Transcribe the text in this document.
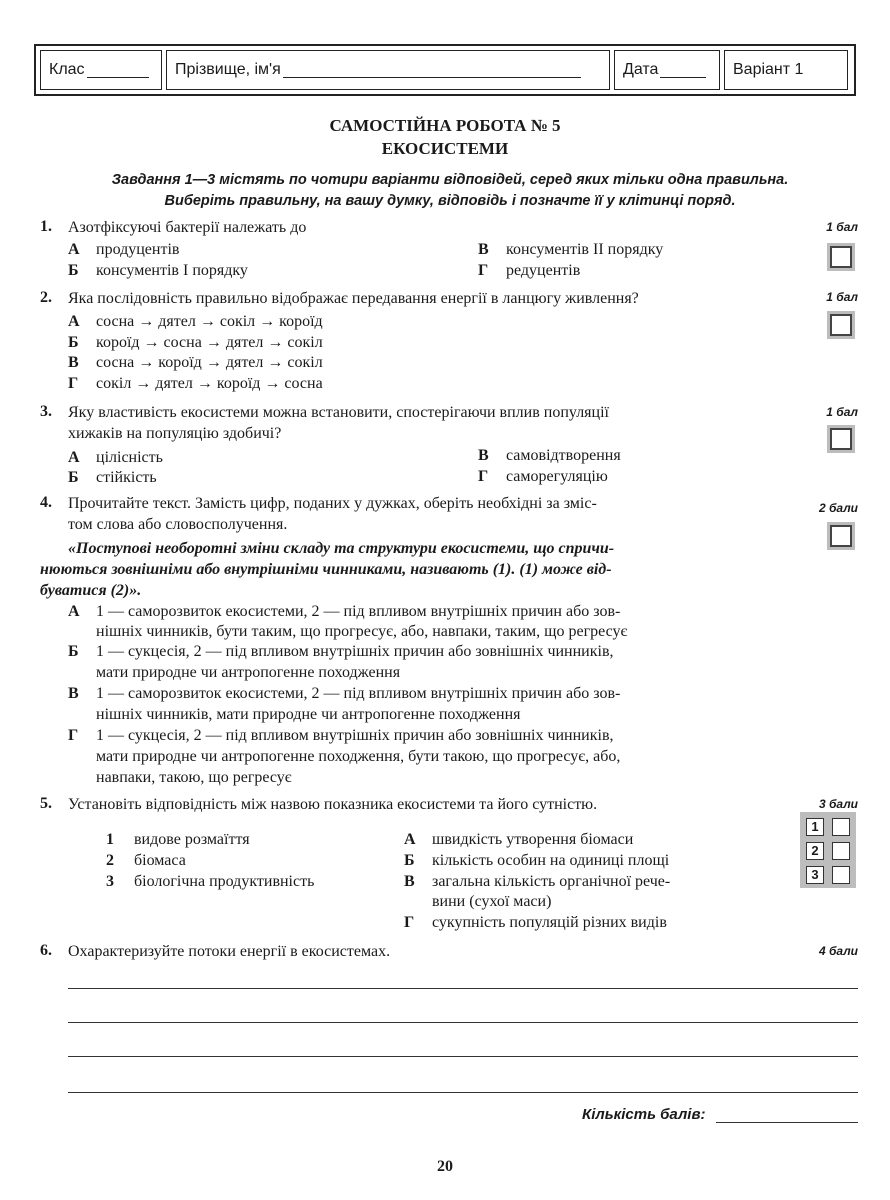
Клас	Прізвище, ім'я	Дата	Варіант 1
САМОСТІЙНА РОБОТА № 5
ЕКОСИСТЕМИ
Завдання 1—3 містять по чотири варіанти відповідей, серед яких тільки одна правильна.
Виберіть правильну, на вашу думку, відповідь і позначте її у клітинці поряд.
1. Азотфіксуючі бактерії належать до	1 бал
А продуцентів
Б консументів І порядку
В консументів ІІ порядку
Г редуцентів
2. Яка послідовність правильно відображає передавання енергії в ланцюгу живлення?	1 бал
А сосна → дятел → сокіл → короїд
Б короїд → сосна → дятел → сокіл
В сосна → короїд → дятел → сокіл
Г сокіл → дятел → короїд → сосна
3. Яку властивість екосистеми можна встановити, спостерігаючи вплив популяції
хижаків на популяцію здобичі?
1 бал
А цілісність
Б стійкість
В самовідтворення
Г саморегуляцію
4. Прочитайте текст. Замість цифр, поданих у дужках, оберіть необхідні за зміс-
том слова або словосполучення.
2 бали
«Поступові необоротні зміни складу та структури екосистеми, що спричи-
нюються зовнішніми або внутрішніми чинниками, називають (1). (1) може від-
буватися (2)».
А	1 — саморозвиток екосистеми, 2 — під впливом внутрішніх причин або зов-
нішніх чинників, бути таким, що прогресує, або, навпаки, таким, що регресує
Б	1 — сукцесія, 2 — під впливом внутрішніх причин або зовнішніх чинників,
мати природне чи антропогенне походження
В	1 — саморозвиток екосистеми, 2 — під впливом внутрішніх причин або зов-
нішніх чинників, мати природне чи антропогенне походження
Г	1 — сукцесія, 2 — під впливом внутрішніх причин або зовнішніх чинників,
мати природне чи антропогенне походження, бути такою, що прогресує, або,
навпаки, такою, що регресує
5. Установіть відповідність між назвою показника екосистеми та його сутністю.	3 бали
1 видове розмаїття
2 біомаса
3 біологічна продуктивність
А швидкість утворення біомаси
Б кількість особин на одиниці площі
В загальна кількість органічної рече-
вини (сухої маси)
Г сукупність популяцій різних видів
1
2
3
6. Охарактеризуйте потоки енергії в екосистемах.	4 бали
Кількість балів:
20
